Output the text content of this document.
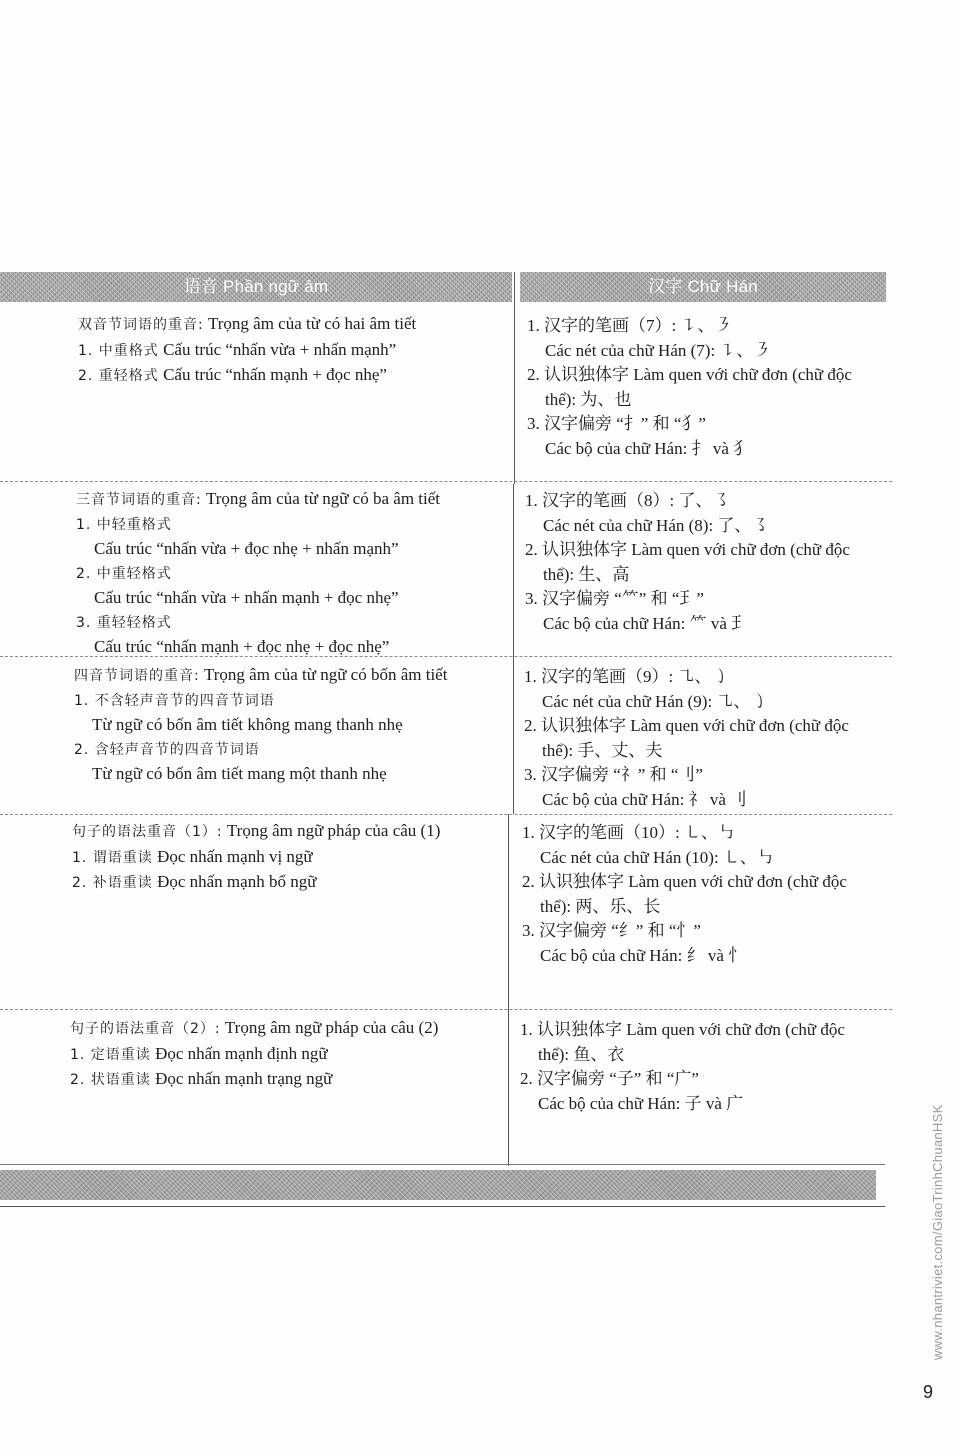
语音 Phần ngữ âm	汉字 Chữ Hán
双音节词语的重音: Trọng âm của từ có hai âm tiết
1. 中重格式 Cấu trúc “nhấn vừa + nhấn mạnh”
2. 重轻格式 Cấu trúc “nhấn mạnh + đọc nhẹ”
1. 汉字的笔画（7）: ㇊、㇋
Các nét của chữ Hán (7): ㇊、㇋
2. 认识独体字 Làm quen với chữ đơn (chữ độc
thể): 为、也
3. 汉字偏旁 “扌” 和 “犭”
Các bộ của chữ Hán: 扌 và 犭
三音节词语的重音: Trọng âm của từ ngữ có ba âm tiết
1. 中轻重格式
Cấu trúc “nhấn vừa + đọc nhẹ + nhấn mạnh”
2. 中重轻格式
Cấu trúc “nhấn vừa + nhấn mạnh + đọc nhẹ”
3. 重轻轻格式
Cấu trúc “nhấn mạnh + đọc nhẹ + đọc nhẹ”
1. 汉字的笔画（8）: 了、㇌
Các nét của chữ Hán (8): 了、㇌
2. 认识独体字 Làm quen với chữ đơn (chữ độc
thể): 生、高
3. 汉字偏旁 “⺮” 和 “⺩”
Các bộ của chữ Hán: ⺮ và ⺩
四音节词语的重音: Trọng âm của từ ngữ có bốn âm tiết
1. 不含轻声音节的四音节词语
Từ ngữ có bốn âm tiết không mang thanh nhẹ
2. 含轻声音节的四音节词语
Từ ngữ có bốn âm tiết mang một thanh nhẹ
1. 汉字的笔画（9）: ㇈、㇁
Các nét của chữ Hán (9): ㇈、㇁
2. 认识独体字 Làm quen với chữ đơn (chữ độc
thể): 手、丈、夫
3. 汉字偏旁 “礻” 和 “刂”
Các bộ của chữ Hán: 礻 và 刂
句子的语法重音（1）: Trọng âm ngữ pháp của câu (1)
1. 谓语重读 Đọc nhấn mạnh vị ngữ
2. 补语重读 Đọc nhấn mạnh bổ ngữ
1. 汉字的笔画（10）: ㇄、㇉
Các nét của chữ Hán (10): ㇄、㇉
2. 认识独体字 Làm quen với chữ đơn (chữ độc
thể): 两、乐、长
3. 汉字偏旁 “纟” 和 “忄”
Các bộ của chữ Hán: 纟 và 忄
句子的语法重音（2）: Trọng âm ngữ pháp của câu (2)
1. 定语重读 Đọc nhấn mạnh định ngữ
2. 状语重读 Đọc nhấn mạnh trạng ngữ
1. 认识独体字 Làm quen với chữ đơn (chữ độc
thể): 鱼、衣
2. 汉字偏旁 “子” 和 “广”
Các bộ của chữ Hán: 子 và 广
www.nhantriviet.com/GiaoTrinhChuanHSK
9
